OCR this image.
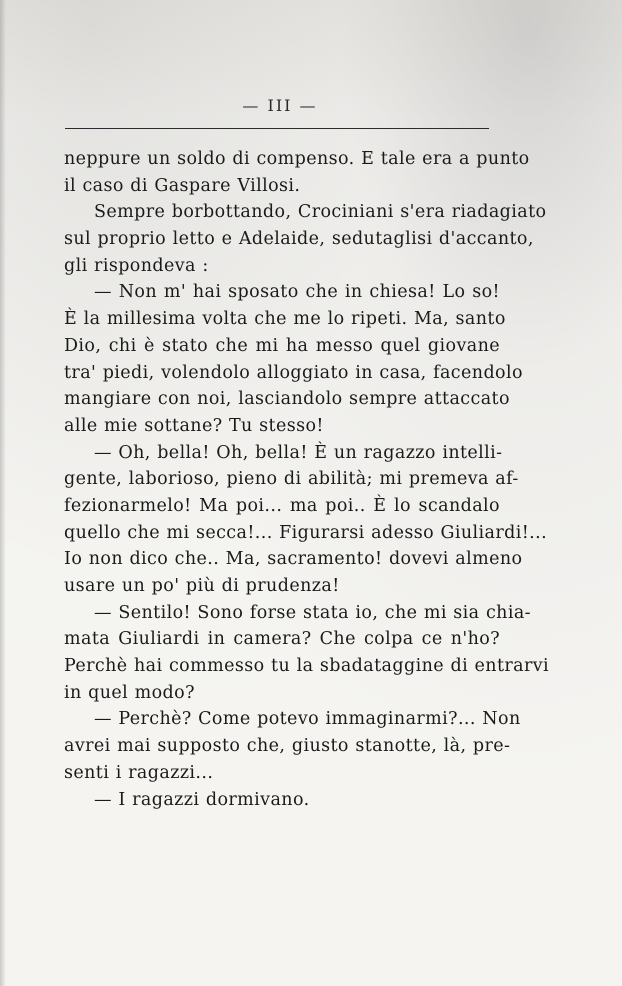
— III —
neppure un soldo di compenso. E tale era a punto
il caso di Gaspare Villosi.
Sempre borbottando, Crociniani s'era riadagiato
sul proprio letto e Adelaide, sedutaglisi d'accanto,
gli rispondeva :
— Non m' hai sposato che in chiesa! Lo so!
È la millesima volta che me lo ripeti. Ma, santo
Dio, chi è stato che mi ha messo quel giovane
tra' piedi, volendolo alloggiato in casa, facendolo
mangiare con noi, lasciandolo sempre attaccato
alle mie sottane? Tu stesso!
— Oh, bella! Oh, bella! È un ragazzo intelli-
gente, laborioso, pieno di abilità; mi premeva af-
fezionarmelo! Ma poi... ma poi.. È lo scandalo
quello che mi secca!... Figurarsi adesso Giuliardi!...
Io non dico che.. Ma, sacramento! dovevi almeno
usare un po' più di prudenza!
— Sentilo! Sono forse stata io, che mi sia chia-
mata Giuliardi in camera? Che colpa ce n'ho?
Perchè hai commesso tu la sbadataggine di entrarvi
in quel modo?
— Perchè? Come potevo immaginarmi?... Non
avrei mai supposto che, giusto stanotte, là, pre-
senti i ragazzi...
— I ragazzi dormivano.
